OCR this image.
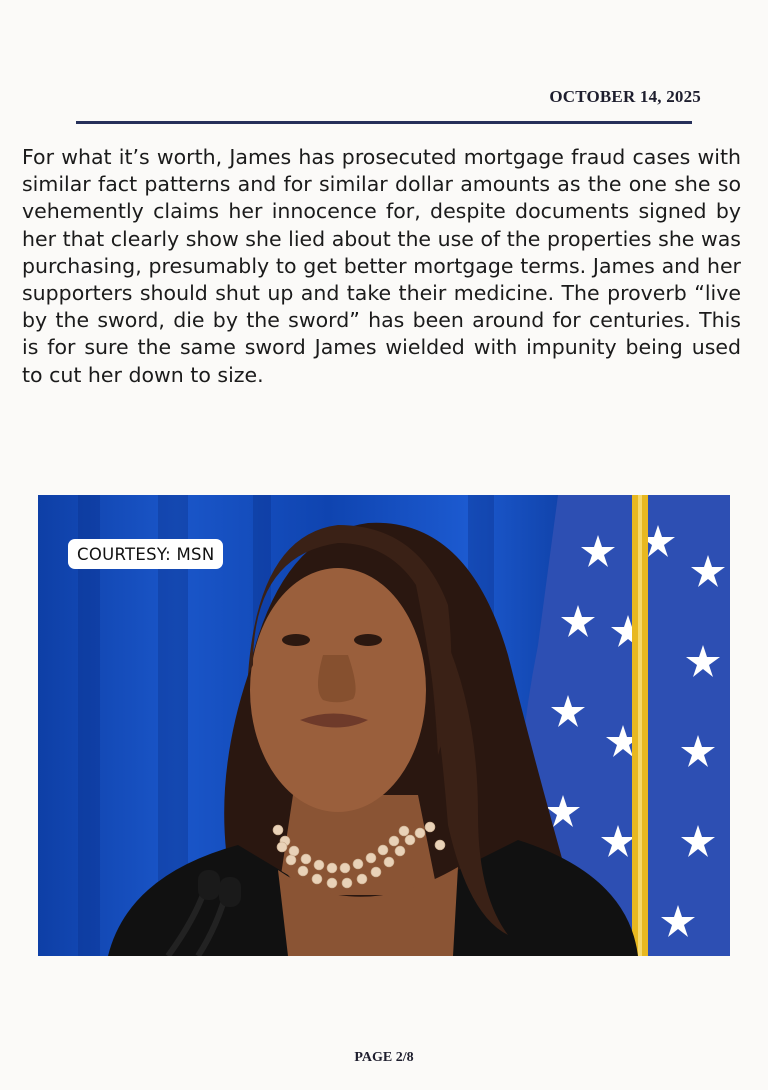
OCTOBER 14, 2025

For what it’s worth, James has prosecuted mortgage fraud cases with similar fact patterns and for similar dollar amounts as the one she so vehemently claims her innocence for, despite documents signed by her that clearly show she lied about the use of the properties she was purchasing, presumably to get better mortgage terms. James and her supporters should shut up and take their medicine. The proverb “live by the sword, die by the sword” has been around for centuries. This is for sure the same sword James wielded with impunity being used to cut her down to size.

COURTESY: MSN
PAGE 2/8
